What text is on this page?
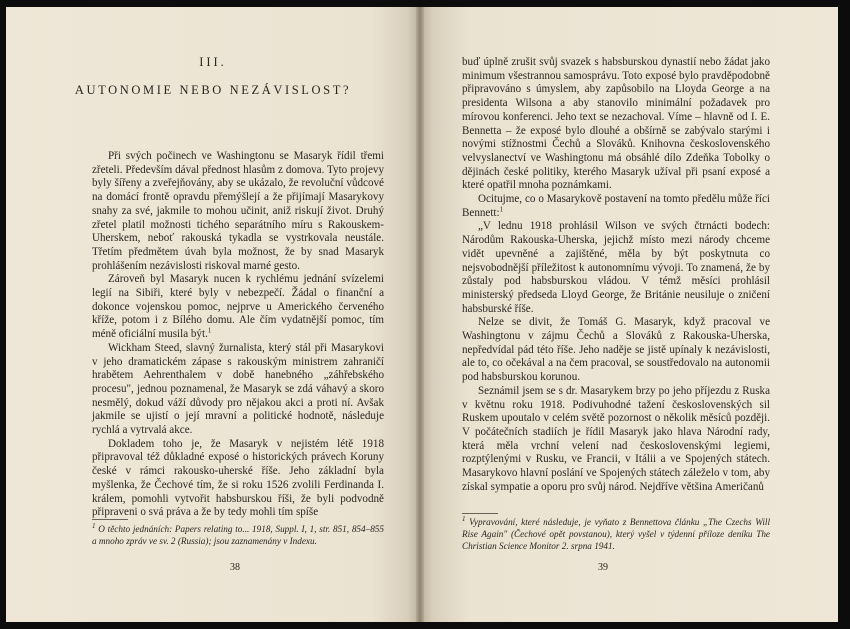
III.
AUTONOMIE NEBO NEZÁVISLOST?

Při svých počinech ve Washingtonu se Masaryk řídil třemi zřeteli. Především dával přednost hlasům z domova. Tyto projevy byly šířeny a zveřejňovány, aby se ukázalo, že revoluční vůdcové na domácí frontě opravdu přemýšlejí a že přijímají Masarykovy snahy za své, jakmile to mohou učinit, aniž riskují život. Druhý zřetel platil možnosti tichého separátního míru s Rakouskem-Uherskem, neboť rakouská tykadla se vystrkovala neustále. Třetím předmětem úvah byla možnost, že by snad Masaryk prohlášením nezávislosti riskoval marné gesto.

Zároveň byl Masaryk nucen k rychlému jednání svízelemi legií na Sibiři, které byly v nebezpečí. Žádal o finanční a dokonce vojenskou pomoc, nejprve u Amerického červeného kříže, potom i z Bílého domu. Ale čím vydatnější pomoc, tím méně oficiální musila být.$^1$

Wickham Steed, slavný žurnalista, který stál při Masarykovi v jeho dramatickém zápase s rakouským ministrem zahraničí hrabětem Aehrenthalem v době hanebného „záhřebského procesu", jednou poznamenal, že Masaryk se zdá váhavý a skoro nesmělý, dokud váží důvody pro nějakou akci a proti ní. Avšak jakmile se ujistí o její mravní a politické hodnotě, následuje rychlá a vytrvalá akce.

Dokladem toho je, že Masaryk v nejistém létě 1918 připravoval též důkladné exposé o historických právech Koruny české v rámci rakousko-uherské říše. Jeho základní byla myšlenka, že Čechové tím, že si roku 1526 zvolili Ferdinanda I. králem, pomohli vytvořit habsburskou říši, že byli podvodně připraveni o svá práva a že by tedy mohli tím spíše

$^1$ O těchto jednáních: Papers relating to... 1918, Suppl. I, 1, str. 851, 854–855 a mnoho zpráv ve sv. 2 (Russia); jsou zaznamenány v Indexu.
38

buď úplně zrušit svůj svazek s habsburskou dynastií nebo žádat jako minimum všestrannou samosprávu. Toto exposé bylo pravděpodobně připravováno s úmyslem, aby zapůsobilo na Lloyda George a na presidenta Wilsona a aby stanovilo minimální požadavek pro mírovou konferenci. Jeho text se nezachoval. Víme – hlavně od I. E. Bennetta – že exposé bylo dlouhé a obšírně se zabývalo starými i novými stížnostmi Čechů a Slováků. Knihovna československého velvyslanectví ve Washingtonu má obsáhlé dílo Zdeňka Tobolky o dějinách české politiky, kterého Masaryk užíval při psaní exposé a které opatřil mnoha poznámkami.

Ocitujme, co o Masarykově postavení na tomto předělu může říci Bennett:$^1$

„V lednu 1918 prohlásil Wilson ve svých čtrnácti bodech: Národům Rakouska-Uherska, jejichž místo mezi národy chceme vidět upevněné a zajištěné, měla by být poskytnuta co nejsvobodnější příležitost k autonomnímu vývoji. To znamená, že by zůstaly pod habsburskou vládou. V témž měsíci prohlásil ministerský předseda Lloyd George, že Británie neusiluje o zničení habsburské říše.

Nelze se divit, že Tomáš G. Masaryk, když pracoval ve Washingtonu v zájmu Čechů a Slováků z Rakouska-Uherska, nepředvídal pád této říše. Jeho naděje se jistě upínaly k nezávislosti, ale to, co očekával a na čem pracoval, se soustředovalo na autonomii pod habsburskou korunou.

Seznámil jsem se s dr. Masarykem brzy po jeho příjezdu z Ruska v květnu roku 1918. Podivuhodné tažení československých sil Ruskem upoutalo v celém světě pozornost o několik měsíců později. V počátečních stadiích je řídil Masaryk jako hlava Národní rady, která měla vrchní velení nad československými legiemi, rozptýlenými v Rusku, ve Francii, v Itálii a ve Spojených státech. Masarykovo hlavní poslání ve Spojených státech záleželo v tom, aby získal sympatie a oporu pro svůj národ. Nejdříve většina Američanů

$^1$ Vypravování, které následuje, je vyňato z Bennettova článku „The Czechs Will Rise Again" (Čechové opět povstanou), který vyšel v týdenní příloze deníku The Christian Science Monitor 2. srpna 1941.
39
